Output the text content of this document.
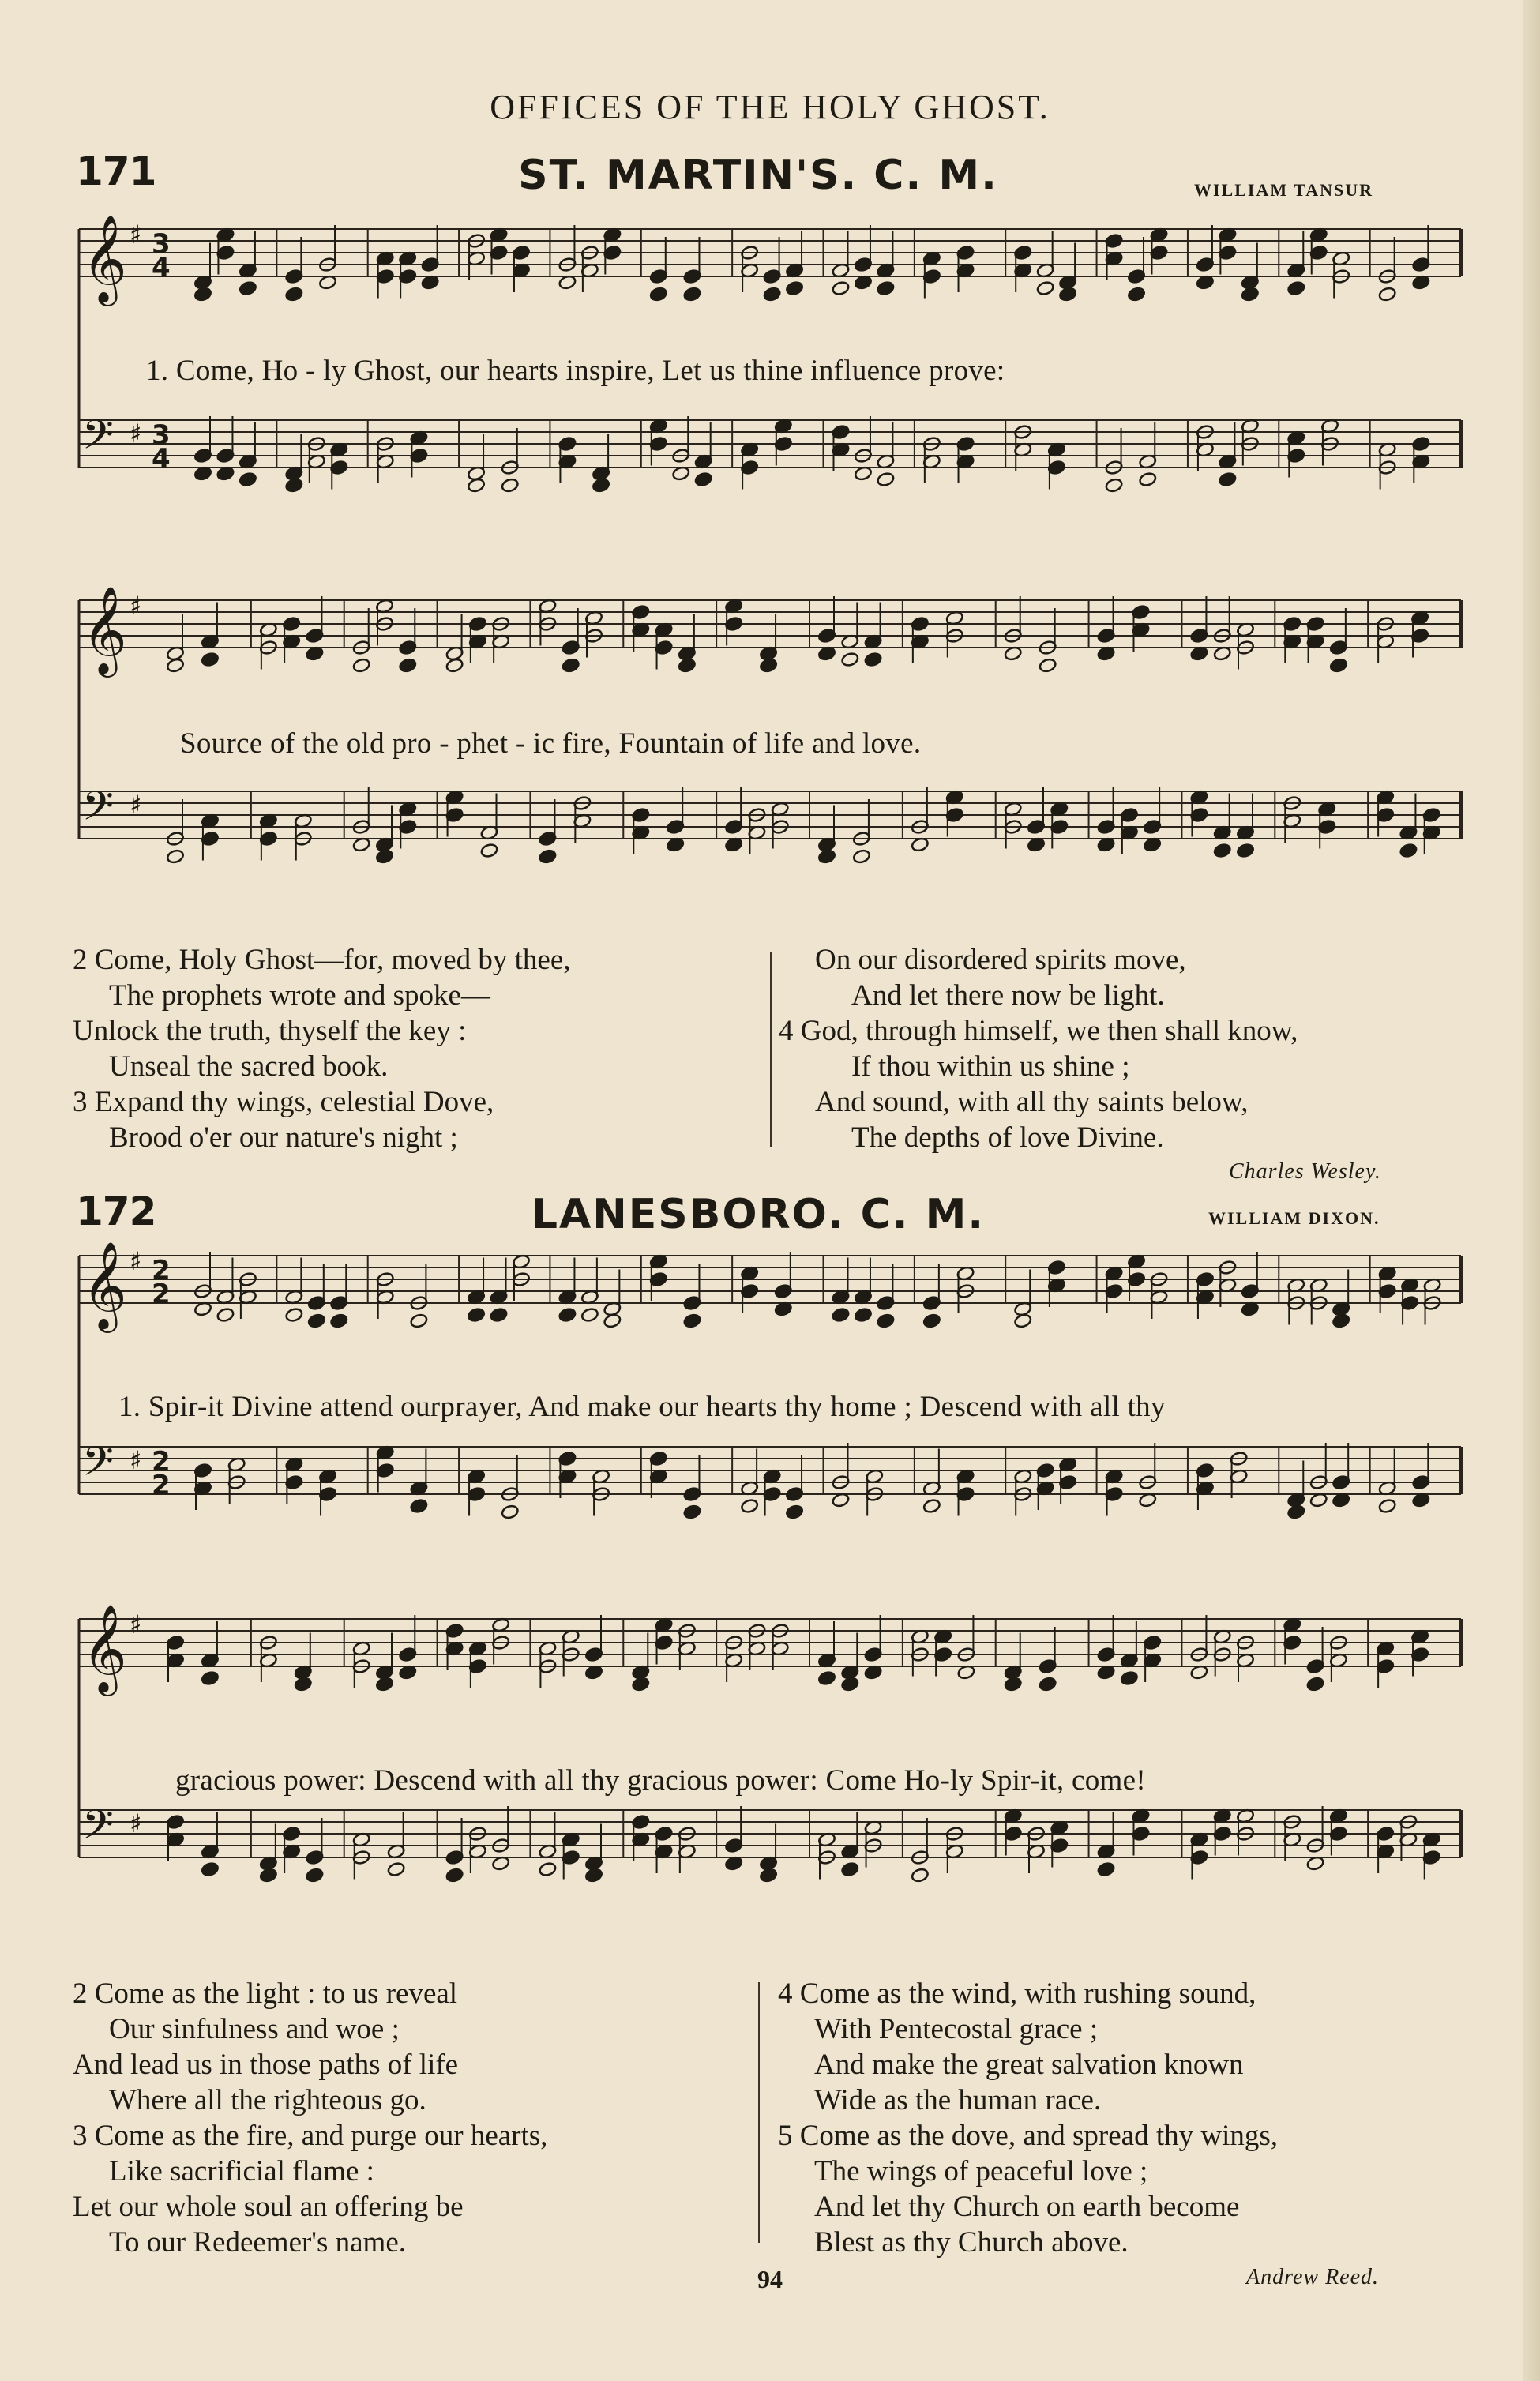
OFFICES OF THE HOLY GHOST.
171	ST. MARTIN'S. C. M.	WILLIAM TANSUR
𝄞 ♯ 3
4
𝄢 ♯ 3
4
1. Come, Ho - ly Ghost, our hearts inspire, Let us thine influence prove:
𝄞 ♯
𝄢 ♯
Source of the old pro - phet - ic fire, Fountain of life and love.
2 Come, Holy Ghost—for, moved by thee,
The prophets wrote and spoke—
Unlock the truth, thyself the key :
Unseal the sacred book.
3 Expand thy wings, celestial Dove,
Brood o'er our nature's night ;
On our disordered spirits move,
And let there now be light.
4 God, through himself, we then shall know,
If thou within us shine ;
And sound, with all thy saints below,
The depths of love Divine.
Charles Wesley.
172	LANESBORO. C. M.	WILLIAM DIXON.
𝄞 ♯ 2
2
𝄢 ♯ 2
2
1. Spir-it Divine attend ourprayer, And make our hearts thy home ; Descend with all thy
𝄞 ♯
𝄢 ♯
gracious power: Descend with all thy gracious power: Come Ho-ly Spir-it, come!
2 Come as the light : to us reveal
Our sinfulness and woe ;
And lead us in those paths of life
Where all the righteous go.
3 Come as the fire, and purge our hearts,
Like sacrificial flame :
Let our whole soul an offering be
To our Redeemer's name.
4 Come as the wind, with rushing sound,
With Pentecostal grace ;
And make the great salvation known
Wide as the human race.
5 Come as the dove, and spread thy wings,
The wings of peaceful love ;
And let thy Church on earth become
Blest as thy Church above.
Andrew Reed.
94
